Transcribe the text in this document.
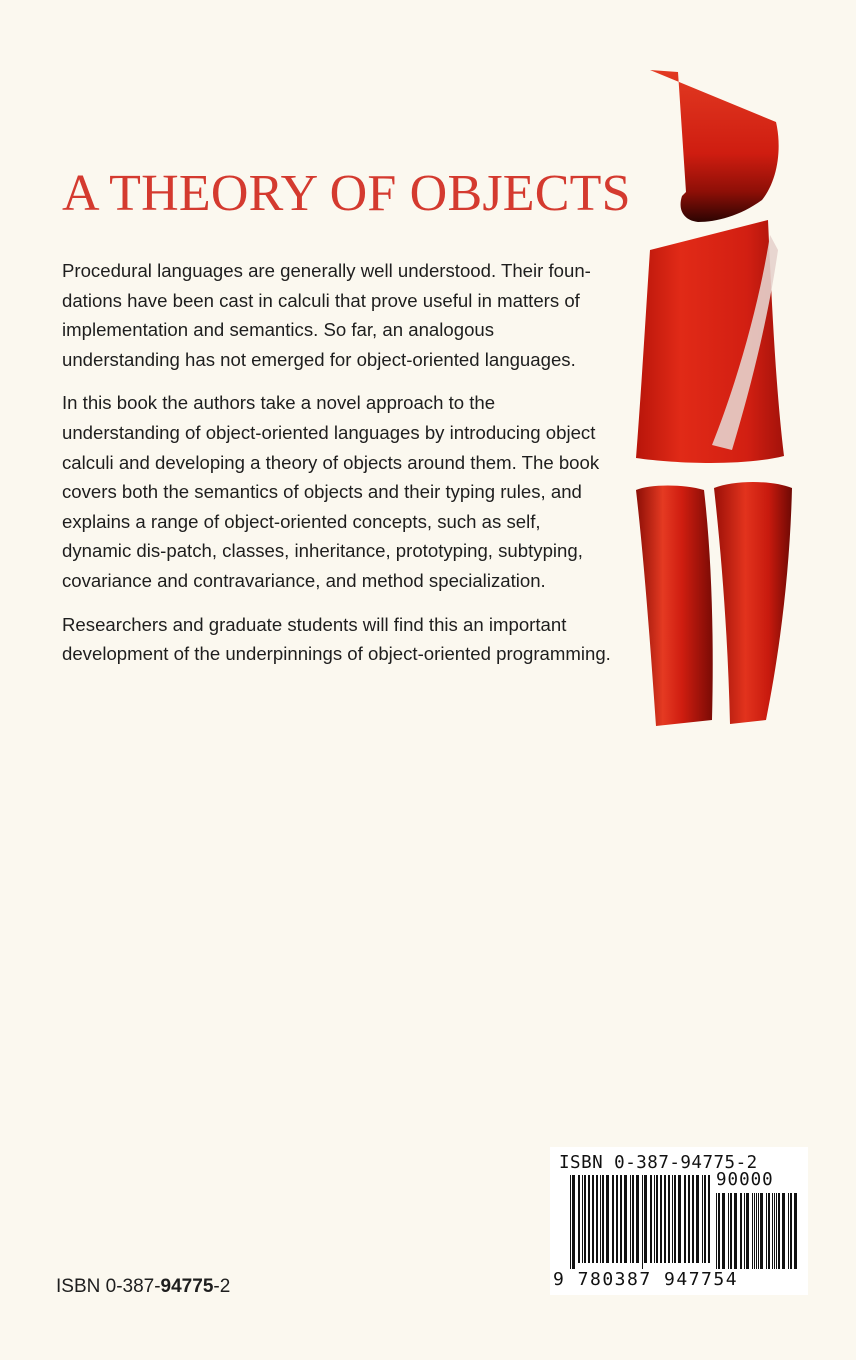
A THEORY OF OBJECTS

Procedural languages are generally well understood. Their foun-dations have been cast in calculi that prove useful in matters of implementation and semantics. So far, an analogous understanding has not emerged for object-oriented languages.

In this book the authors take a novel approach to the understanding of object-oriented languages by introducing object calculi and developing a theory of objects around them. The book covers both the semantics of objects and their typing rules, and explains a range of object-oriented concepts, such as self, dynamic dis-patch, classes, inheritance, prototyping, subtyping, covariance and contravariance, and method specialization.

Researchers and graduate students will find this an important development of the underpinnings of object-oriented programming.

ISBN 0-387-94775-2
90000
9 780387 947754
ISBN 0-387-94775-2
